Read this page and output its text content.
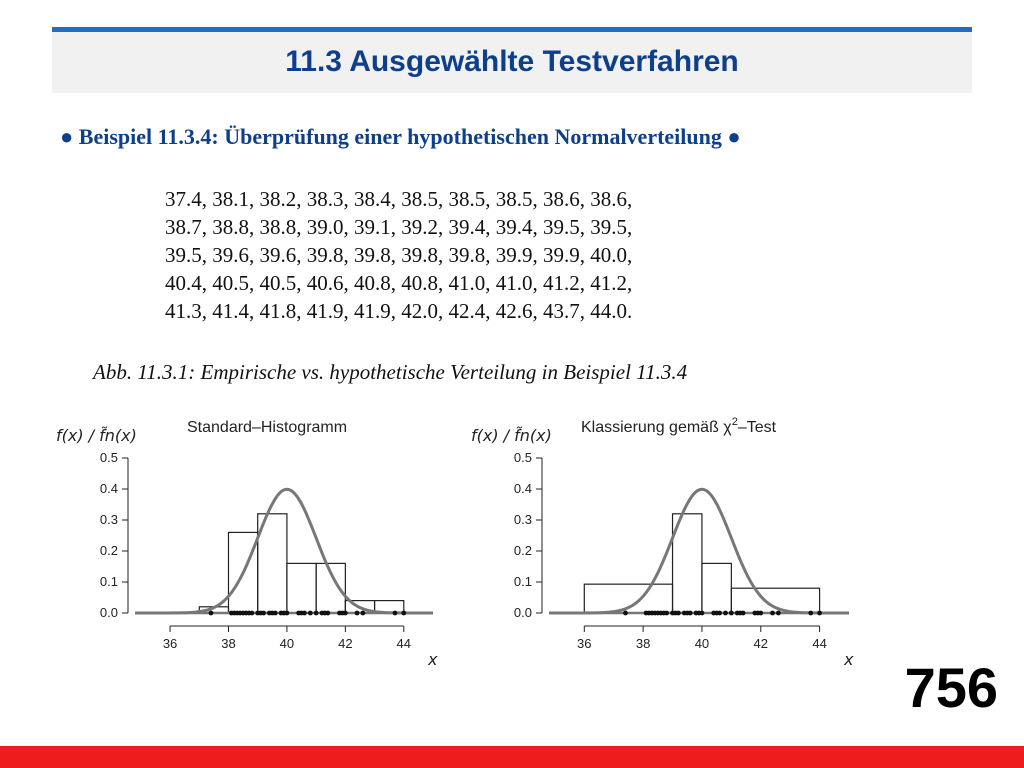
11.3 Ausgewählte Testverfahren
● Beispiel 11.3.4: Überprüfung einer hypothetischen Normalverteilung ●
37.4, 38.1, 38.2, 38.3, 38.4, 38.5, 38.5, 38.5, 38.6, 38.6,
38.7, 38.8, 38.8, 39.0, 39.1, 39.2, 39.4, 39.4, 39.5, 39.5,
39.5, 39.6, 39.6, 39.8, 39.8, 39.8, 39.8, 39.9, 39.9, 40.0,
40.4, 40.5, 40.5, 40.6, 40.8, 40.8, 41.0, 41.0, 41.2, 41.2,
41.3, 41.4, 41.8, 41.9, 41.9, 42.0, 42.4, 42.6, 43.7, 44.0.
Abb. 11.3.1: Empirische vs. hypothetische Verteilung in Beispiel 11.3.4
Standard–Histogramm
f(x) / f̃n(x)
x
0.0
0.1
0.2
0.3
0.4
0.5
36	38	40	42	44
Klassierung gemäß $\chi^2$–Test
f(x) / f̃n(x)
x
0.0
0.1
0.2
0.3
0.4
0.5
36	38	40	42	44
756
